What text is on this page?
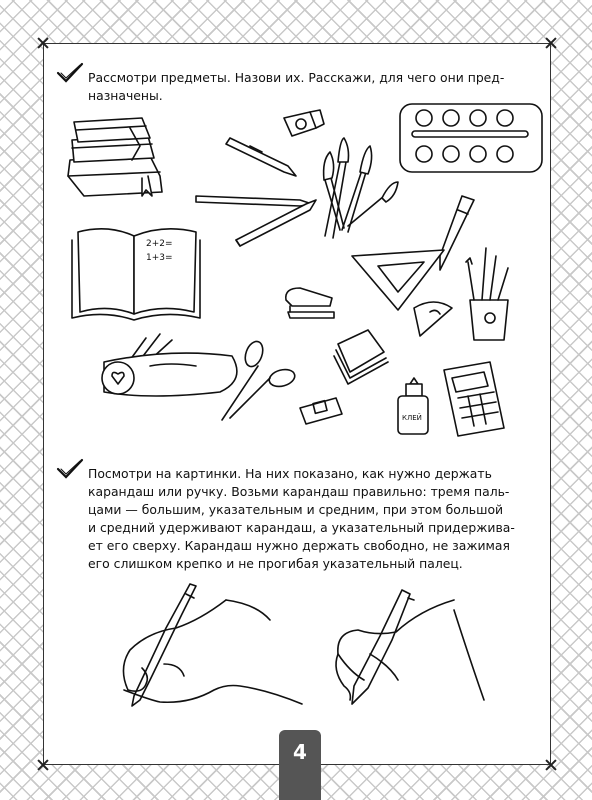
Рассмотри предметы. Назови их. Расскажи, для чего они пред-
назначены.

Посмотри на картинки. На них показано, как нужно держать
карандаш или ручку. Возьми карандаш правильно: тремя паль-
цами — большим, указательным и средним, при этом большой
и средний удерживают карандаш, а указательный придержива-
ет его сверху. Карандаш нужно держать свободно, не зажимая
его слишком крепко и не прогибая указательный палец.

2+2=
1+3=
КЛЕЙ
4
